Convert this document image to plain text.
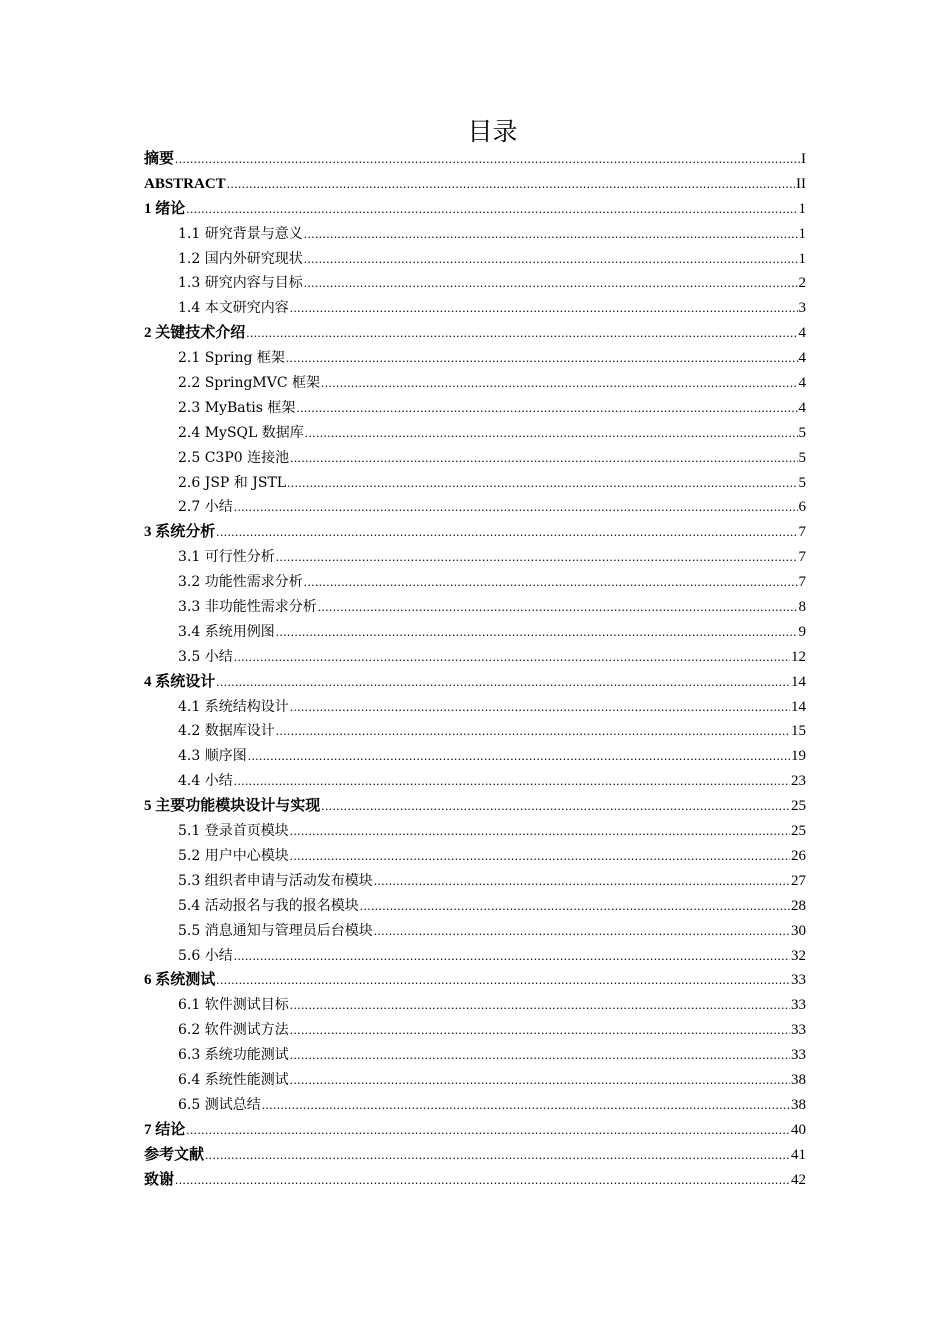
目录
摘要 .....	I
ABSTRACT .....	II
1 绪论 .....	1
1.1 研究背景与意义 .....	1
1.2 国内外研究现状 .....	1
1.3 研究内容与目标 .....	2
1.4 本文研究内容 .....	3
2 关键技术介绍 .....	4
2.1 Spring 框架 .....	4
2.2 SpringMVC 框架 .....	4
2.3 MyBatis 框架 .....	4
2.4 MySQL 数据库 .....	5
2.5 C3P0 连接池 .....	5
2.6 JSP 和 JSTL .....	5
2.7 小结 .....	6
3 系统分析 .....	7
3.1 可行性分析 .....	7
3.2 功能性需求分析 .....	7
3.3 非功能性需求分析 .....	8
3.4 系统用例图 .....	9
3.5 小结 .....	12
4 系统设计 .....	14
4.1 系统结构设计 .....	14
4.2 数据库设计 .....	15
4.3 顺序图 .....	19
4.4 小结 .....	23
5 主要功能模块设计与实现 .....	25
5.1 登录首页模块 .....	25
5.2 用户中心模块 .....	26
5.3 组织者申请与活动发布模块 .....	27
5.4 活动报名与我的报名模块 .....	28
5.5 消息通知与管理员后台模块 .....	30
5.6 小结 .....	32
6 系统测试 .....	33
6.1 软件测试目标 .....	33
6.2 软件测试方法 .....	33
6.3 系统功能测试 .....	33
6.4 系统性能测试 .....	38
6.5 测试总结 .....	38
7 结论 .....	40
参考文献 .....	41
致谢 .....	42
